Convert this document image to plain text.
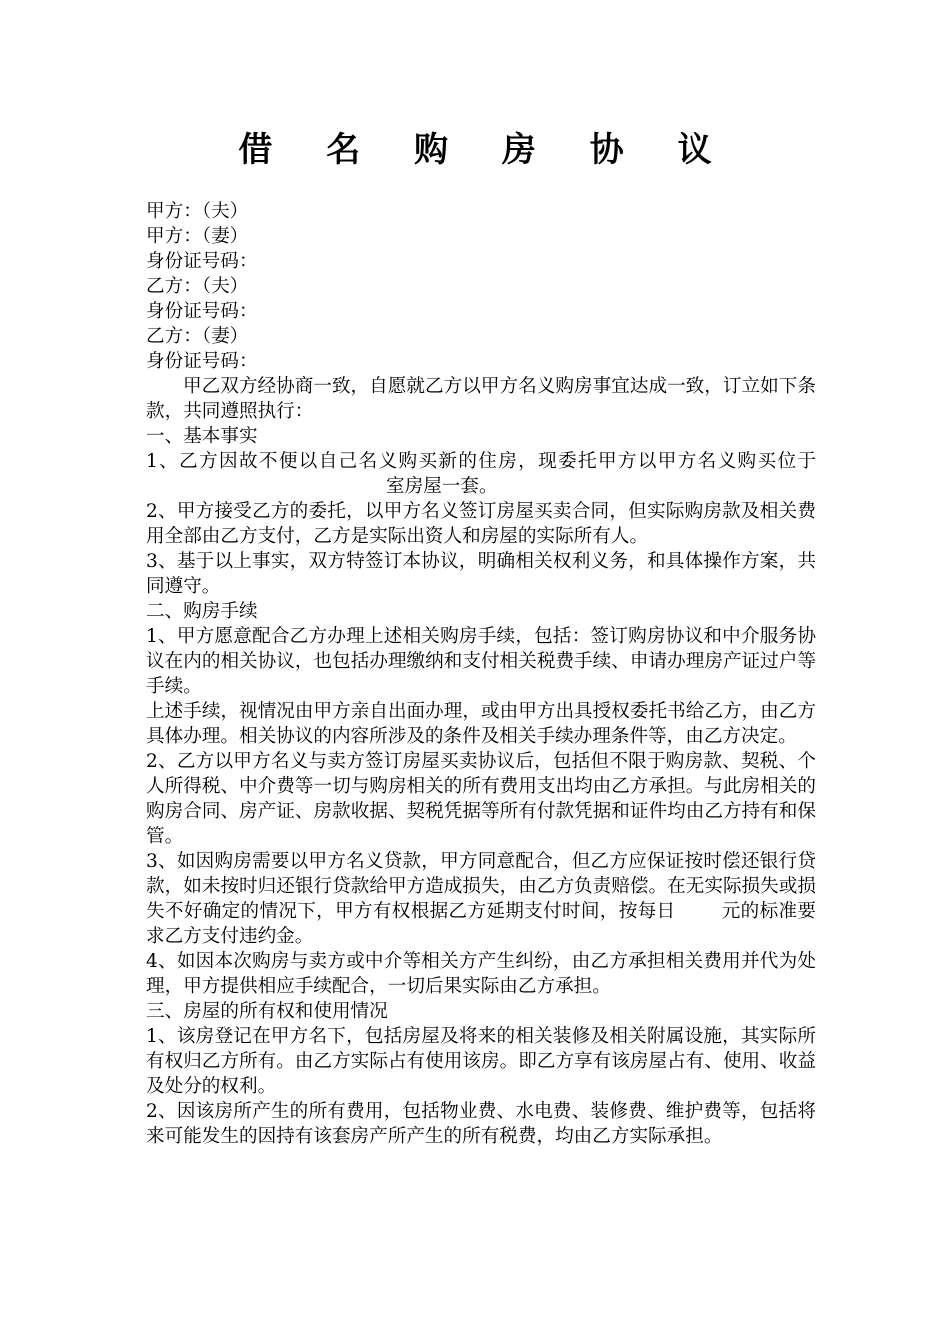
借 名 购 房 协 议

甲方：（夫）

甲方：（妻）

身份证号码：

乙方：（夫）

身份证号码：

乙方：（妻）

身份证号码：

甲乙双方经协商一致，自愿就乙方以甲方名义购房事宜达成一致，订立如下条款，共同遵照执行：

一、基本事实

1、乙方因故不便以自己名义购买新的住房，现委托甲方以甲方名义购买位于室房屋一套。

2、甲方接受乙方的委托，以甲方名义签订房屋买卖合同，但实际购房款及相关费用全部由乙方支付，乙方是实际出资人和房屋的实际所有人。

3、基于以上事实，双方特签订本协议，明确相关权利义务，和具体操作方案，共同遵守。

二、购房手续

1、甲方愿意配合乙方办理上述相关购房手续，包括：签订购房协议和中介服务协议在内的相关协议，也包括办理缴纳和支付相关税费手续、申请办理房产证过户等手续。

上述手续，视情况由甲方亲自出面办理，或由甲方出具授权委托书给乙方，由乙方具体办理。相关协议的内容所涉及的条件及相关手续办理条件等，由乙方决定。

2、乙方以甲方名义与卖方签订房屋买卖协议后，包括但不限于购房款、契税、个人所得税、中介费等一切与购房相关的所有费用支出均由乙方承担。与此房相关的购房合同、房产证、房款收据、契税凭据等所有付款凭据和证件均由乙方持有和保管。

3、如因购房需要以甲方名义贷款，甲方同意配合，但乙方应保证按时偿还银行贷款，如未按时归还银行贷款给甲方造成损失，由乙方负责赔偿。在无实际损失或损失不好确定的情况下，甲方有权根据乙方延期支付时间，按每日 元的标准要求乙方支付违约金。

4、如因本次购房与卖方或中介等相关方产生纠纷，由乙方承担相关费用并代为处理，甲方提供相应手续配合，一切后果实际由乙方承担。

三、房屋的所有权和使用情况

1、该房登记在甲方名下，包括房屋及将来的相关装修及相关附属设施，其实际所有权归乙方所有。由乙方实际占有使用该房。即乙方享有该房屋占有、使用、收益及处分的权利。

2、因该房所产生的所有费用，包括物业费、水电费、装修费、维护费等，包括将来可能发生的因持有该套房产所产生的所有税费，均由乙方实际承担。
